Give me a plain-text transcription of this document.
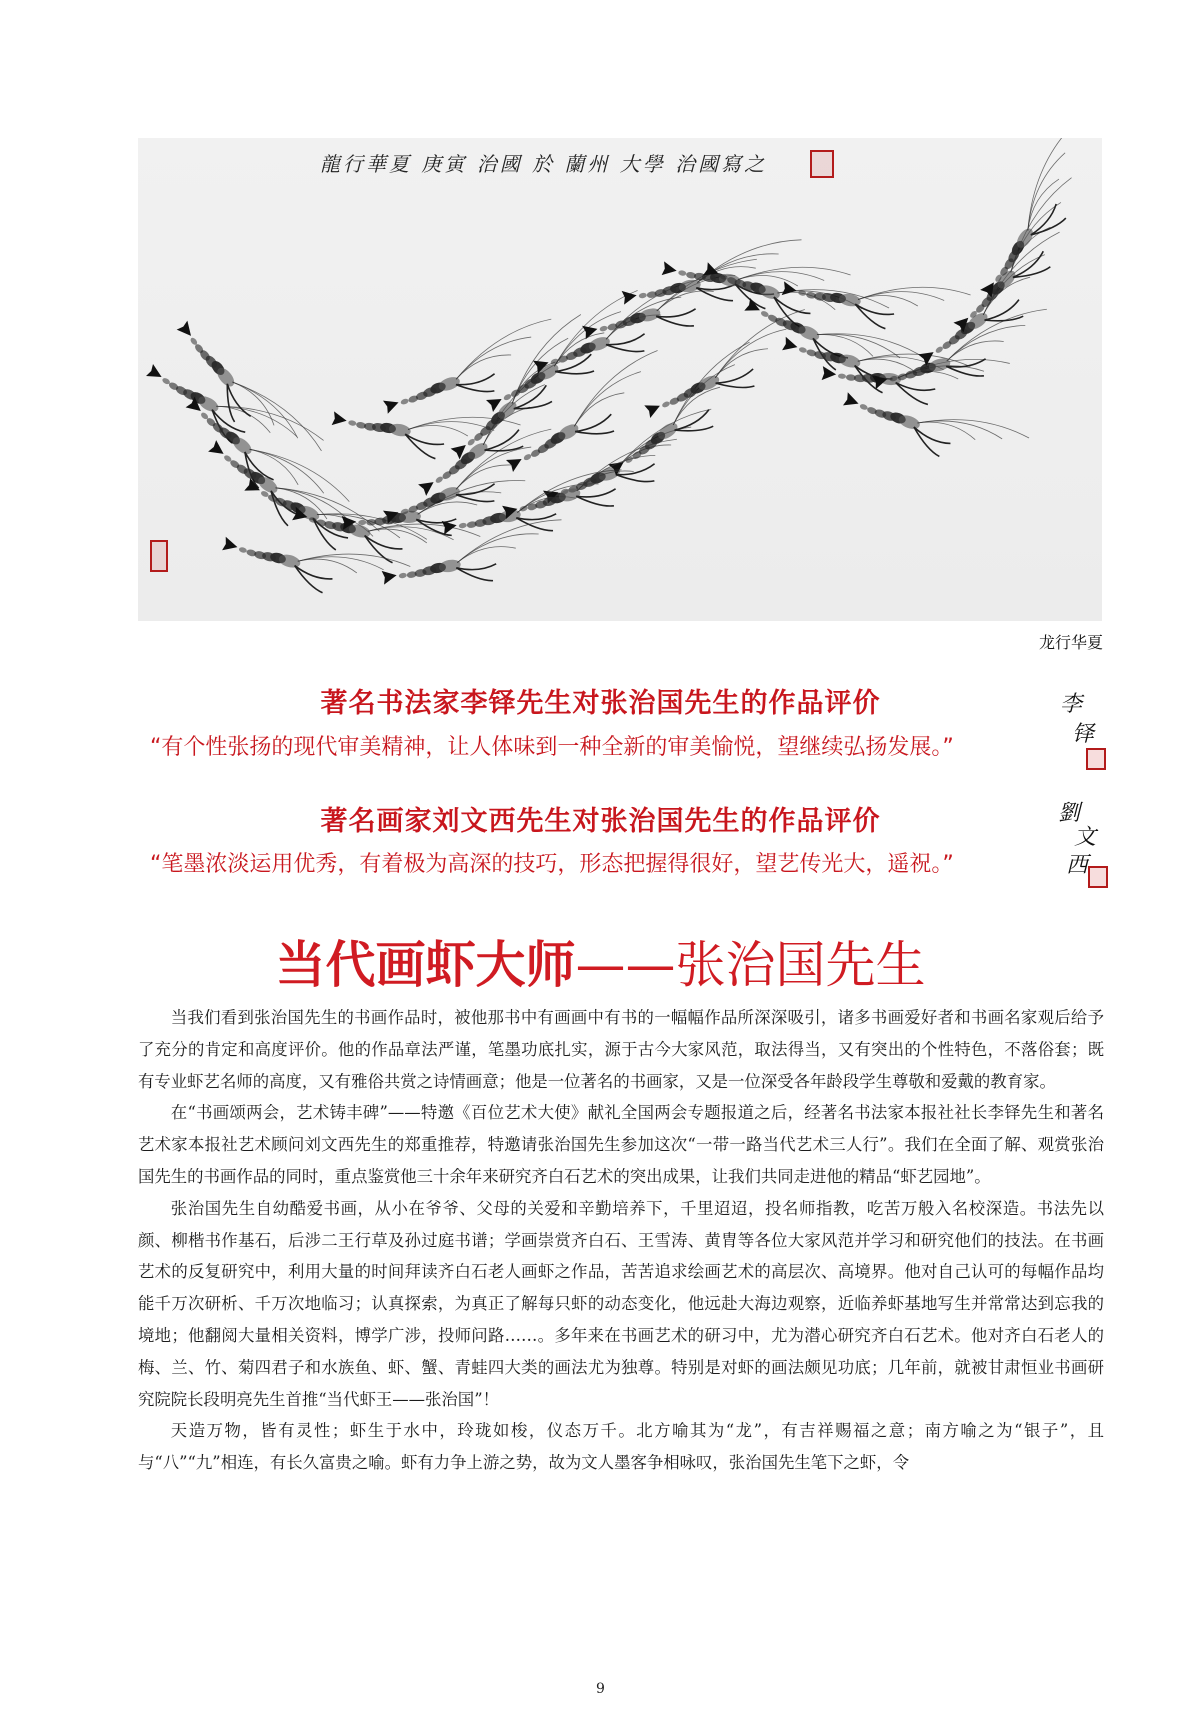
龍行華夏 庚寅 治國 於 蘭州 大學 治國寫之
龙行华夏
著名书法家李铎先生对张治国先生的作品评价
“有个性张扬的现代审美精神，让人体味到一种全新的审美愉悦，望继续弘扬发展。”
李
铎
著名画家刘文西先生对张治国先生的作品评价
“笔墨浓淡运用优秀，有着极为高深的技巧，形态把握得很好，望艺传光大，遥祝。”
劉
文
西
当代画虾大师——张治国先生

当我们看到张治国先生的书画作品时，被他那书中有画画中有书的一幅幅作品所深深吸引，诸多书画爱好者和书画名家观后给予了充分的肯定和高度评价。他的作品章法严谨，笔墨功底扎实，源于古今大家风范，取法得当，又有突出的个性特色，不落俗套；既有专业虾艺名师的高度，又有雅俗共赏之诗情画意；他是一位著名的书画家，又是一位深受各年龄段学生尊敬和爱戴的教育家。

在“书画颂两会，艺术铸丰碑”——特邀《百位艺术大使》献礼全国两会专题报道之后，经著名书法家本报社社长李铎先生和著名艺术家本报社艺术顾问刘文西先生的郑重推荐，特邀请张治国先生参加这次“一带一路当代艺术三人行”。我们在全面了解、观赏张治国先生的书画作品的同时，重点鉴赏他三十余年来研究齐白石艺术的突出成果，让我们共同走进他的精品“虾艺园地”。

张治国先生自幼酷爱书画，从小在爷爷、父母的关爱和辛勤培养下，千里迢迢，投名师指教，吃苦万般入名校深造。书法先以颜、柳楷书作基石，后涉二王行草及孙过庭书谱；学画崇赏齐白石、王雪涛、黄胄等各位大家风范并学习和研究他们的技法。在书画艺术的反复研究中，利用大量的时间拜读齐白石老人画虾之作品，苦苦追求绘画艺术的高层次、高境界。他对自己认可的每幅作品均能千万次研析、千万次地临习；认真探索，为真正了解每只虾的动态变化，他远赴大海边观察，近临养虾基地写生并常常达到忘我的境地；他翻阅大量相关资料，博学广涉，投师问路……。多年来在书画艺术的研习中，尤为潜心研究齐白石艺术。他对齐白石老人的梅、兰、竹、菊四君子和水族鱼、虾、蟹、青蛙四大类的画法尤为独尊。特别是对虾的画法颇见功底；几年前，就被甘肃恒业书画研究院院长段明亮先生首推“当代虾王——张治国”！

天造万物，皆有灵性；虾生于水中，玲珑如梭，仪态万千。北方喻其为“龙”，有吉祥赐福之意；南方喻之为“银子”，且与“八”“九”相连，有长久富贵之喻。虾有力争上游之势，故为文人墨客争相咏叹，张治国先生笔下之虾，令

9
